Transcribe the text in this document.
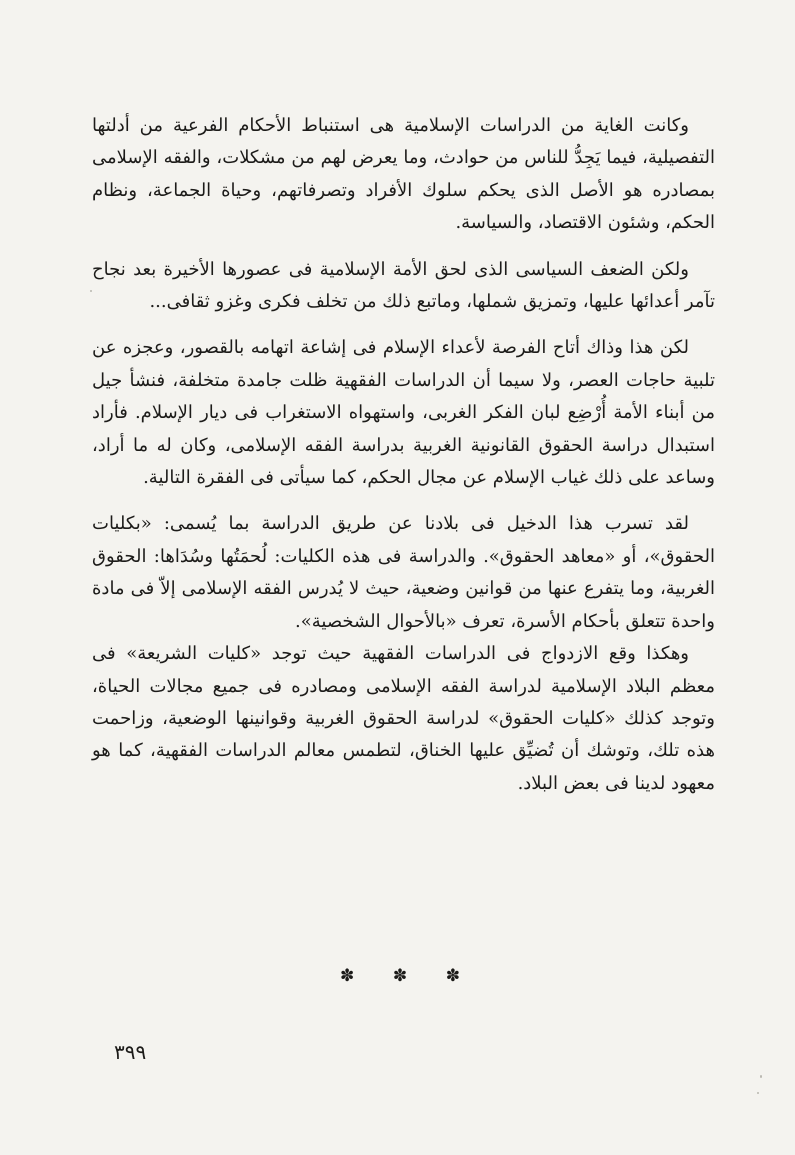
وكانت الغاية من الدراسات الإسلامية هى استنباط الأحكام الفرعية من أدلتها التفصيلية، فيما يَجِدُّ للناس من حوادث، وما يعرض لهم من مشكلات، والفقه الإسلامى بمصادره هو الأصل الذى يحكم سلوك الأفراد وتصرفاتهم، وحياة الجماعة، ونظام الحكم، وشئون الاقتصاد، والسياسة.

ولكن الضعف السياسى الذى لحق الأمة الإسلامية فى عصورها الأخيرة بعد نجاح تآمر أعدائها عليها، وتمزيق شملها، وماتبع ذلك من تخلف فكرى وغزو ثقافى...

لكن هذا وذاك أتاح الفرصة لأعداء الإسلام فى إشاعة اتهامه بالقصور، وعجزه عن تلبية حاجات العصر، ولا سيما أن الدراسات الفقهية ظلت جامدة متخلفة، فنشأ جيل من أبناء الأمة أُرْضِع لبان الفكر الغربى، واستهواه الاستغراب فى ديار الإسلام. فأراد استبدال دراسة الحقوق القانونية الغربية بدراسة الفقه الإسلامى، وكان له ما أراد، وساعد على ذلك غياب الإسلام عن مجال الحكم، كما سيأتى فى الفقرة التالية.

لقد تسرب هذا الدخيل فى بلادنا عن طريق الدراسة بما يُسمى: «بكليات الحقوق»، أو «معاهد الحقوق». والدراسة فى هذه الكليات: لُحمَتُها وسُدَاها: الحقوق الغربية، وما يتفرع عنها من قوانين وضعية، حيث لا يُدرس الفقه الإسلامى إلاّ فى مادة واحدة تتعلق بأحكام الأسرة، تعرف «بالأحوال الشخصية».

وهكذا وقع الازدواج فى الدراسات الفقهية حيث توجد «كليات الشريعة» فى معظم البلاد الإسلامية لدراسة الفقه الإسلامى ومصادره فى جميع مجالات الحياة، وتوجد كذلك «كليات الحقوق» لدراسة الحقوق الغربية وقوانينها الوضعية، وزاحمت هذه تلك، وتوشك أن تُضيِّق عليها الخناق، لتطمس معالم الدراسات الفقهية، كما هو معهود لدينا فى بعض البلاد.

✽ ✽ ✽
٣٩٩
